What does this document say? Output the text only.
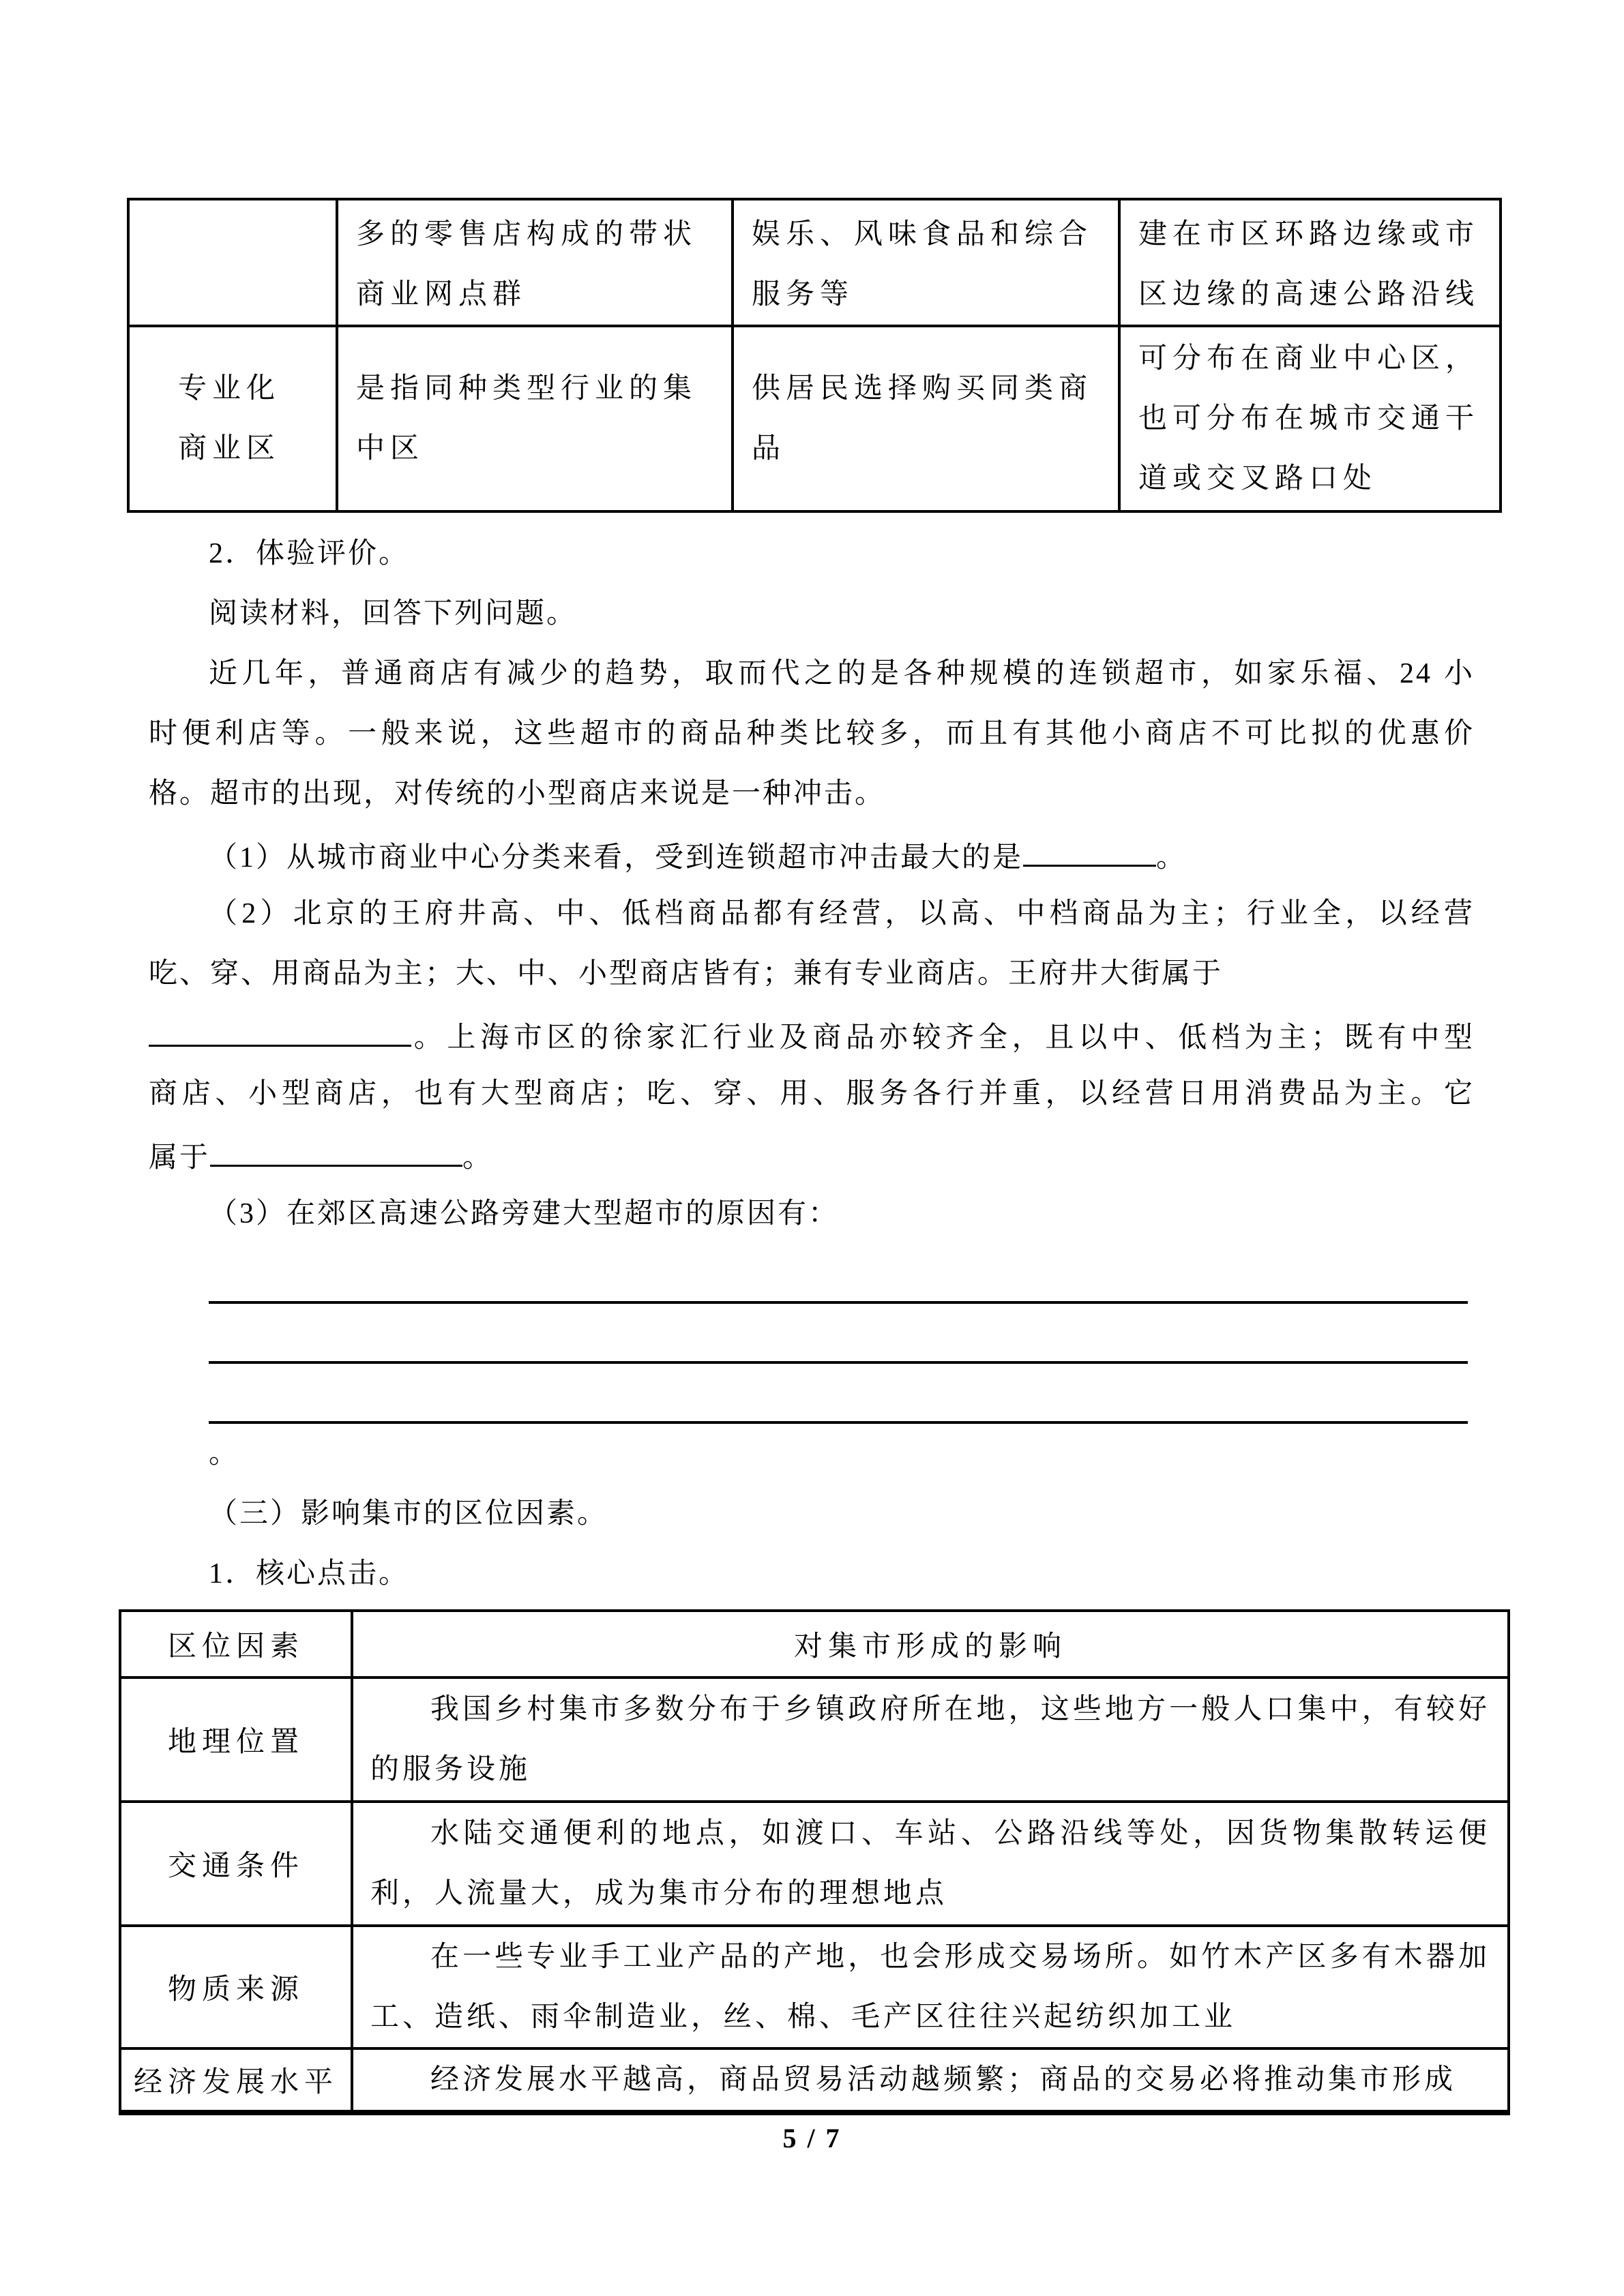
	多的零售店构成的带状商业网点群	娱乐、风味食品和综合服务等	建在市区环路边缘或市区边缘的高速公路沿线
专业化商业区	是指同种类型行业的集中区	供居民选择购买同类商品	可分布在商业中心区，也可分布在城市交通干道或交叉路口处
2．体验评价。
阅读材料，回答下列问题。
近几年，普通商店有减少的趋势，取而代之的是各种规模的连锁超市，如家乐福、24 小
时便利店等。一般来说，这些超市的商品种类比较多，而且有其他小商店不可比拟的优惠价
格。超市的出现，对传统的小型商店来说是一种冲击。
（1）从城市商业中心分类来看，受到连锁超市冲击最大的是	。
（2）北京的王府井高、中、低档商品都有经营，以高、中档商品为主；行业全，以经营
吃、穿、用商品为主；大、中、小型商店皆有；兼有专业商店。王府井大街属于
。上海市区的徐家汇行业及商品亦较齐全，且以中、低档为主；既有中型
商店、小型商店，也有大型商店；吃、穿、用、服务各行并重，以经营日用消费品为主。它
属于	。
（3）在郊区高速公路旁建大型超市的原因有：
。
（三）影响集市的区位因素。
1．核心点击。
区位因素	对集市形成的影响
地理位置	我国乡村集市多数分布于乡镇政府所在地，这些地方一般人口集中，有较好的服务设施
交通条件	水陆交通便利的地点，如渡口、车站、公路沿线等处，因货物集散转运便利，人流量大，成为集市分布的理想地点
物质来源	在一些专业手工业产品的产地，也会形成交易场所。如竹木产区多有木器加工、造纸、雨伞制造业，丝、棉、毛产区往往兴起纺织加工业
经济发展水平	经济发展水平越高，商品贸易活动越频繁；商品的交易必将推动集市形成
5 / 7
